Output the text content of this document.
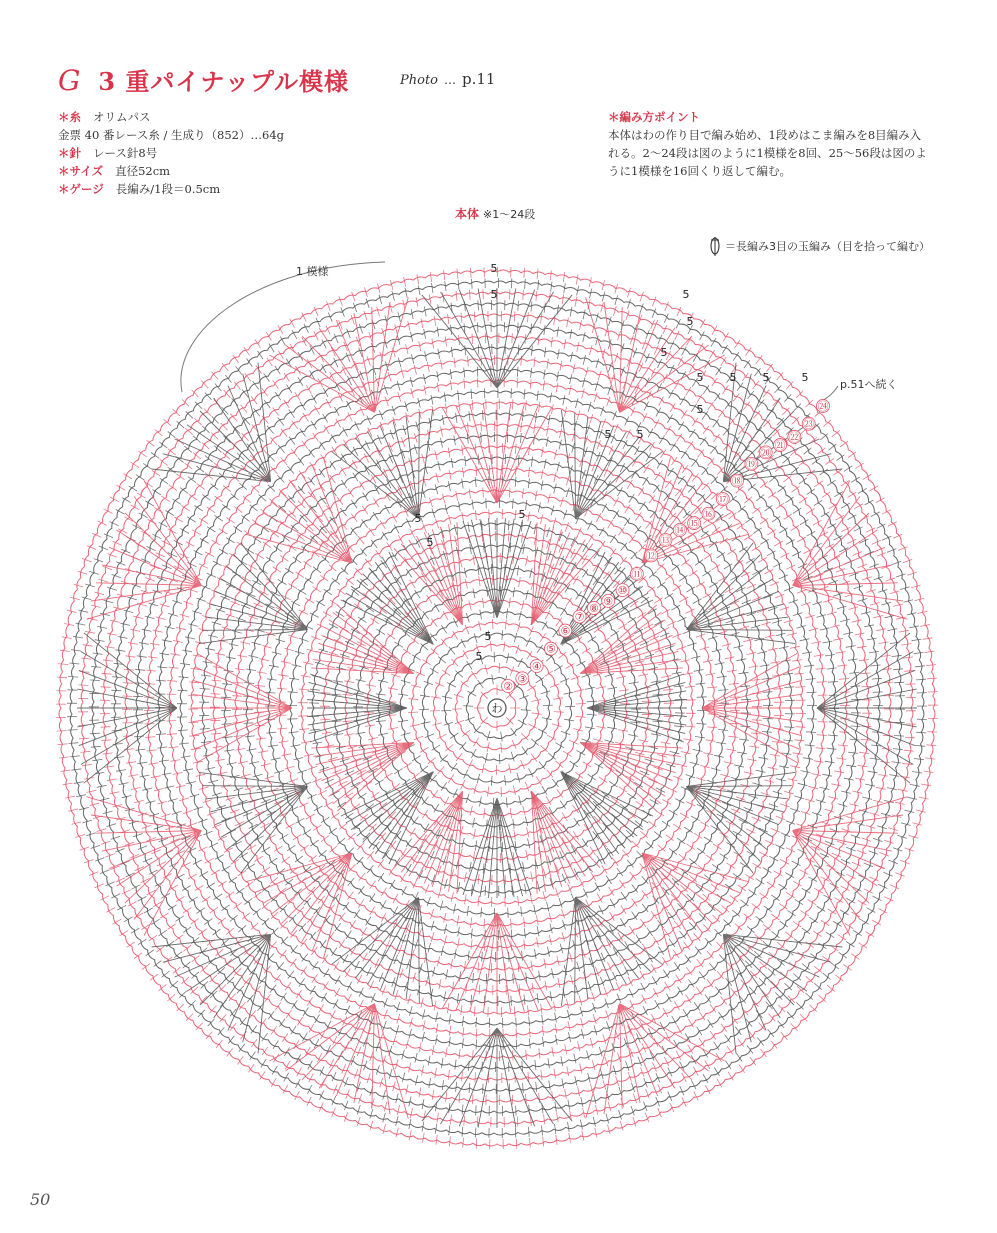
わ
②
③
④
⑤
⑥
⑦
⑧
⑨
⑩
⑪
⑫
⑬
⑭
⑮
⑯
⑰
⑱
⑲
⑳
㉑
㉒
㉓
㉔
5
5	5
5
5
5 5 5	5
5
5
5
5
5
5
5
5
G 3 重パイナップル模様	Photo … p.11
＊糸 オリムパス
金票 40 番レース糸 / 生成り（852）…64g
＊針 レース針8号
＊サイズ 直径52cm
＊ゲージ 長編み/1段＝0.5cm
＊編み方ポイント
本体はわの作り目で編み始め、1段めはこま編みを8目編み入れる。2～24段は図のように1模様を8回、25～56段は図のように1模様を16回くり返して編む。
本体 ※1～24段
＝長編み3目の玉編み（目を拾って編む）
1 模様
p.51へ続く
50
